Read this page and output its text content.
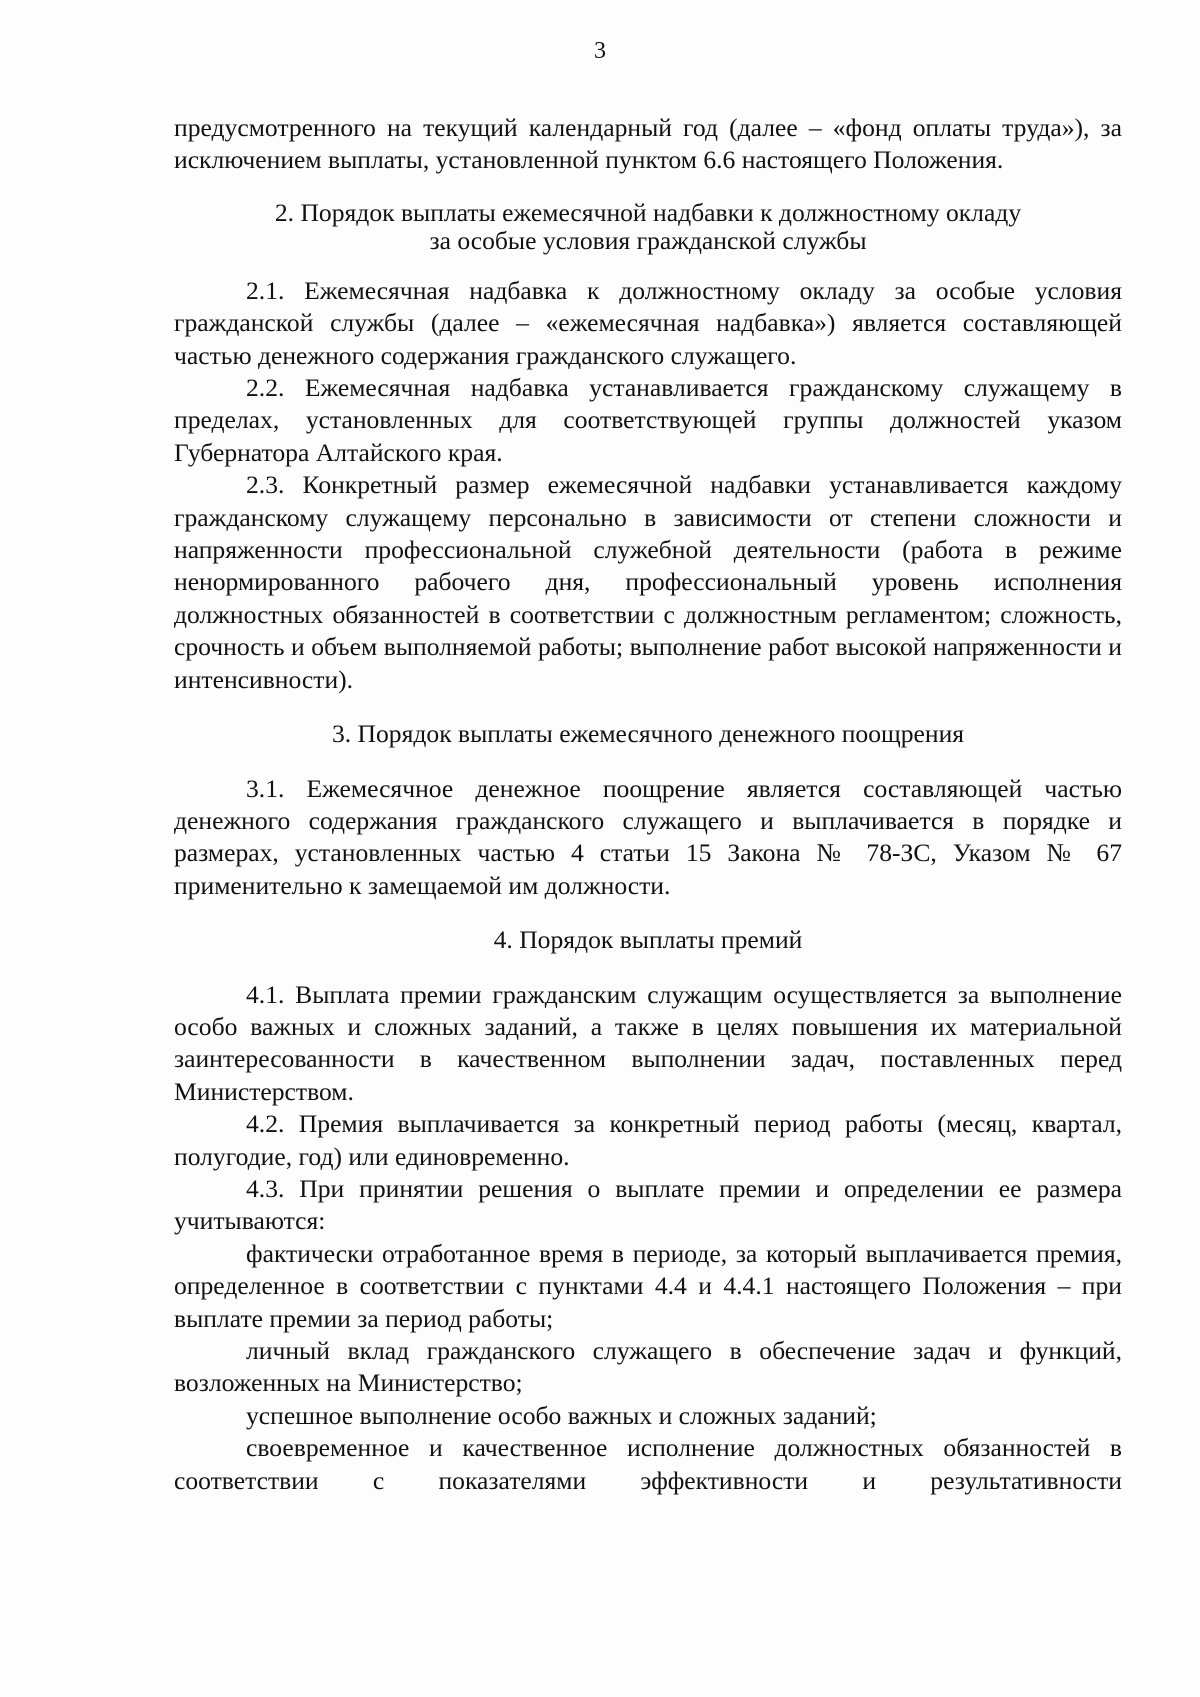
3

предусмотренного на текущий календарный год (далее – «фонд оплаты труда»), за исключением выплаты, установленной пунктом 6.6 настоящего Положения.

2. Порядок выплаты ежемесячной надбавки к должностному окладу
за особые условия гражданской службы

2.1. Ежемесячная надбавка к должностному окладу за особые условия гражданской службы (далее – «ежемесячная надбавка») является составляющей частью денежного содержания гражданского служащего.

2.2. Ежемесячная надбавка устанавливается гражданскому служащему в пределах, установленных для соответствующей группы должностей указом Губернатора Алтайского края.

2.3. Конкретный размер ежемесячной надбавки устанавливается каждому гражданскому служащему персонально в зависимости от степени сложности и напряженности профессиональной служебной деятельности (работа в режиме ненормированного рабочего дня, профессиональный уровень исполнения должностных обязанностей в соответствии с должностным регламентом; сложность, срочность и объем выполняемой работы; выполнение работ высокой напряженности и интенсивности).

3. Порядок выплаты ежемесячного денежного поощрения

3.1. Ежемесячное денежное поощрение является составляющей частью денежного содержания гражданского служащего и выплачивается в порядке и размерах, установленных частью 4 статьи 15 Закона № 78-ЗС, Указом № 67 применительно к замещаемой им должности.

4. Порядок выплаты премий

4.1. Выплата премии гражданским служащим осуществляется за выполнение особо важных и сложных заданий, а также в целях повышения их материальной заинтересованности в качественном выполнении задач, поставленных перед Министерством.

4.2. Премия выплачивается за конкретный период работы (месяц, квартал, полугодие, год) или единовременно.

4.3. При принятии решения о выплате премии и определении ее размера учитываются:

фактически отработанное время в периоде, за который выплачивается премия, определенное в соответствии с пунктами 4.4 и 4.4.1 настоящего Положения – при выплате премии за период работы;

личный вклад гражданского служащего в обеспечение задач и функций, возложенных на Министерство;

успешное выполнение особо важных и сложных заданий;

своевременное и качественное исполнение должностных обязанностей в соответствии с показателями эффективности и результативности
